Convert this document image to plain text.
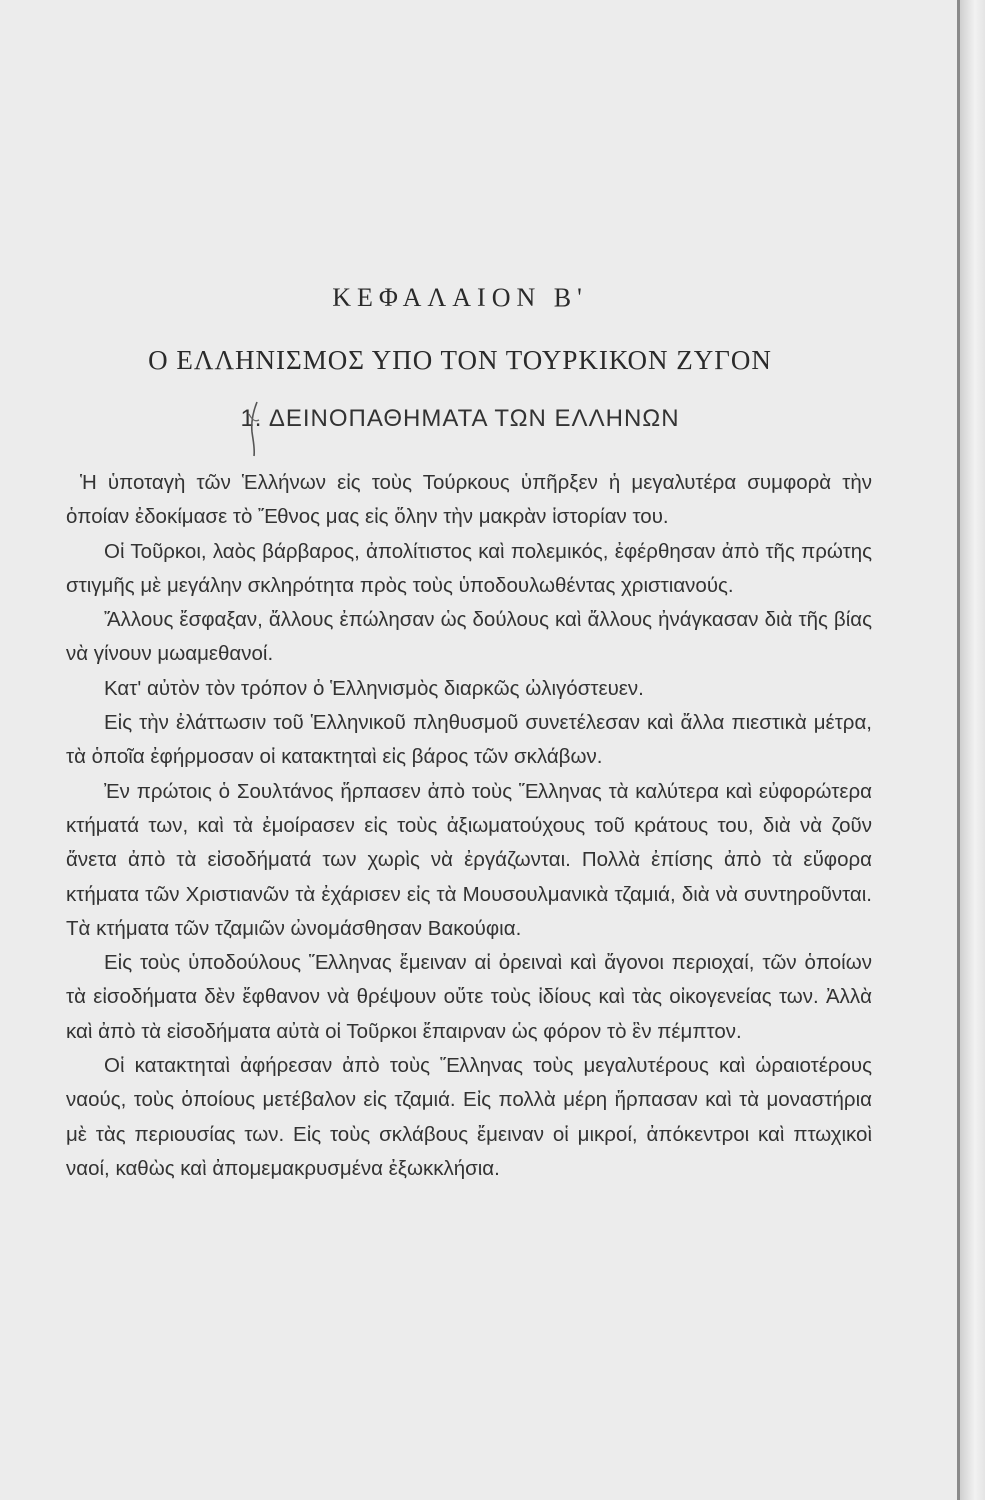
ΚΕΦΑΛΑΙΟΝ Β'
Ο ΕΛΛΗΝΙΣΜΟΣ ΥΠΟ ΤΟΝ ΤΟΥΡΚΙΚΟΝ ΖΥΓΟΝ
1. ΔΕΙΝΟΠΑΘΗΜΑΤΑ ΤΩΝ ΕΛΛΗΝΩΝ

Ἡ ὑποταγὴ τῶν Ἑλλήνων εἰς τοὺς Τούρκους ὑπῆρξεν ἡ μεγαλυτέρα συμφορὰ τὴν ὁποίαν ἐδοκίμασε τὸ Ἔθνος μας εἰς ὅλην τὴν μακρὰν ἱστορίαν του.

Οἱ Τοῦρκοι, λαὸς βάρβαρος, ἀπολίτιστος καὶ πολεμικός, ἐφέρθησαν ἀπὸ τῆς πρώτης στιγμῆς μὲ μεγάλην σκληρότητα πρὸς τοὺς ὑποδουλωθέντας χριστιανούς.

Ἄλλους ἔσφαξαν, ἄλλους ἐπώλησαν ὡς δούλους καὶ ἄλλους ἠνάγκασαν διὰ τῆς βίας νὰ γίνουν μωαμεθανοί.

Κατ' αὐτὸν τὸν τρόπον ὁ Ἑλληνισμὸς διαρκῶς ὠλιγόστευεν.

Εἰς τὴν ἐλάττωσιν τοῦ Ἑλληνικοῦ πληθυσμοῦ συνετέλεσαν καὶ ἄλλα πιεστικὰ μέτρα, τὰ ὁποῖα ἐφήρμοσαν οἱ κατακτηταὶ εἰς βάρος τῶν σκλάβων.

Ἐν πρώτοις ὁ Σουλτάνος ἥρπασεν ἀπὸ τοὺς Ἕλληνας τὰ καλύτερα καὶ εὐφορώτερα κτήματά των, καὶ τὰ ἐμοίρασεν εἰς τοὺς ἀξιωματούχους τοῦ κράτους του, διὰ νὰ ζοῦν ἄνετα ἀπὸ τὰ εἰσοδήματά των χωρὶς νὰ ἐργάζωνται. Πολλὰ ἐπίσης ἀπὸ τὰ εὔφορα κτήματα τῶν Χριστιανῶν τὰ ἐχάρισεν εἰς τὰ Μουσουλμανικὰ τζαμιά, διὰ νὰ συντηροῦνται. Τὰ κτήματα τῶν τζαμιῶν ὠνομάσθησαν Βακούφια.

Εἰς τοὺς ὑποδούλους Ἕλληνας ἔμειναν αἱ ὀρειναὶ καὶ ἄγονοι περιοχαί, τῶν ὁποίων τὰ εἰσοδήματα δὲν ἔφθανον νὰ θρέψουν οὔτε τοὺς ἰδίους καὶ τὰς οἰκογενείας των. Ἀλλὰ καὶ ἀπὸ τὰ εἰσοδήματα αὐτὰ οἱ Τοῦρκοι ἔπαιρναν ὡς φόρον τὸ ἓν πέμπτον.

Οἱ κατακτηταὶ ἀφήρεσαν ἀπὸ τοὺς Ἕλληνας τοὺς μεγαλυτέρους καὶ ὡραιοτέρους ναούς, τοὺς ὁποίους μετέβαλον εἰς τζαμιά. Εἰς πολλὰ μέρη ἥρπασαν καὶ τὰ μοναστήρια μὲ τὰς περιουσίας των. Εἰς τοὺς σκλάβους ἔμειναν οἱ μικροί, ἀπόκεντροι καὶ πτωχικοὶ ναοί, καθὼς καὶ ἀπομεμακρυσμένα ἐξωκκλήσια.
